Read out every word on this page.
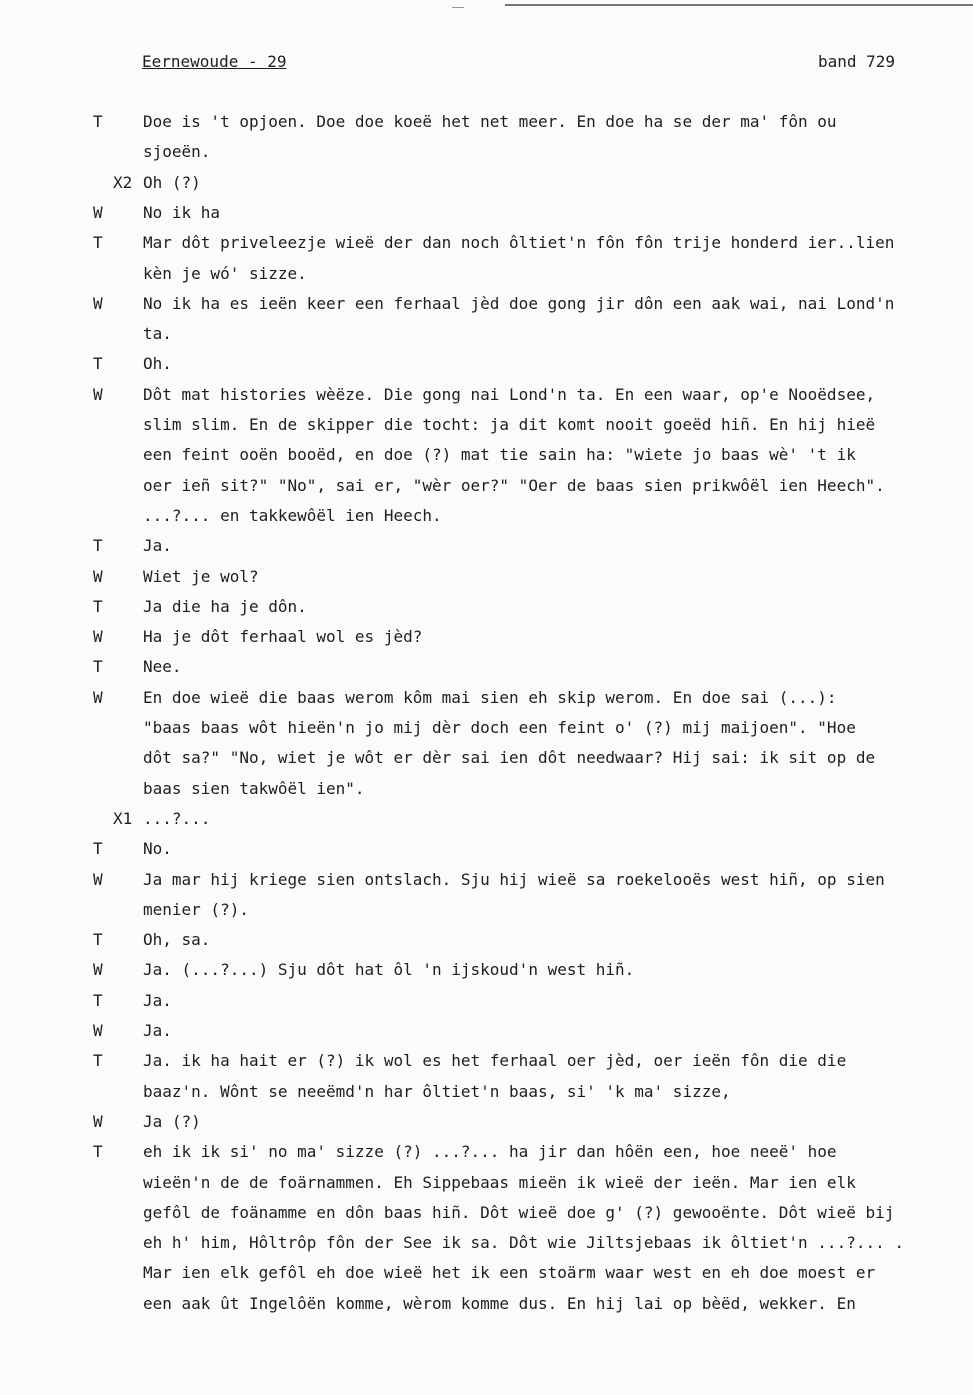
Eernewoude - 29	band 729
T	Doe is 't opjoen. Doe doe koeë het net meer. En doe ha se der ma' fôn ou
sjoeën.
X2 Oh (?)
W	No ik ha
T	Mar dôt priveleezje wieë der dan noch ôltiet'n fôn fôn trije honderd ier..lien
kèn je wó' sizze.
W	No ik ha es ieën keer een ferhaal jèd doe gong jir dôn een aak wai, nai Lond'n
ta.
T	Oh.
W	Dôt mat histories wèëze. Die gong nai Lond'n ta. En een waar, op'e Nooëdsee,
slim slim. En de skipper die tocht: ja dit komt nooit goeëd hiñ. En hij hieë
een feint ooën booëd, en doe (?) mat tie sain ha: "wiete jo baas wè' 't ik
oer ieñ sit?" "No", sai er, "wèr oer?" "Oer de baas sien prikwôël ien Heech".
...?... en takkewôël ien Heech.
T	Ja.
W	Wiet je wol?
T	Ja die ha je dôn.
W	Ha je dôt ferhaal wol es jèd?
T	Nee.
W	En doe wieë die baas werom kôm mai sien eh skip werom. En doe sai (...):
"baas baas wôt hieën'n jo mij dèr doch een feint o' (?) mij maijoen". "Hoe
dôt sa?" "No, wiet je wôt er dèr sai ien dôt needwaar? Hij sai: ik sit op de
baas sien takwôël ien".
X1 ...?...
T	No.
W	Ja mar hij kriege sien ontslach. Sju hij wieë sa roekelooës west hiñ, op sien
menier (?).
T	Oh, sa.
W	Ja. (...?...) Sju dôt hat ôl 'n ijskoud'n west hiñ.
T	Ja.
W	Ja.
T	Ja. ik ha hait er (?) ik wol es het ferhaal oer jèd, oer ieën fôn die die
baaz'n. Wônt se neeëmd'n har ôltiet'n baas, si' 'k ma' sizze,
W	Ja (?)
T	eh ik ik si' no ma' sizze (?) ...?... ha jir dan hôën een, hoe neeë' hoe
wieën'n de de foärnammen. Eh Sippebaas mieën ik wieë der ieën. Mar ien elk
gefôl de foänamme en dôn baas hiñ. Dôt wieë doe g' (?) gewooënte. Dôt wieë bij
eh h' him, Hôltrôp fôn der See ik sa. Dôt wie Jiltsjebaas ik ôltiet'n ...?... .
Mar ien elk gefôl eh doe wieë het ik een stoärm waar west en eh doe moest er
een aak ût Ingelôën komme, wèrom komme dus. En hij lai op bèëd, wekker. En
